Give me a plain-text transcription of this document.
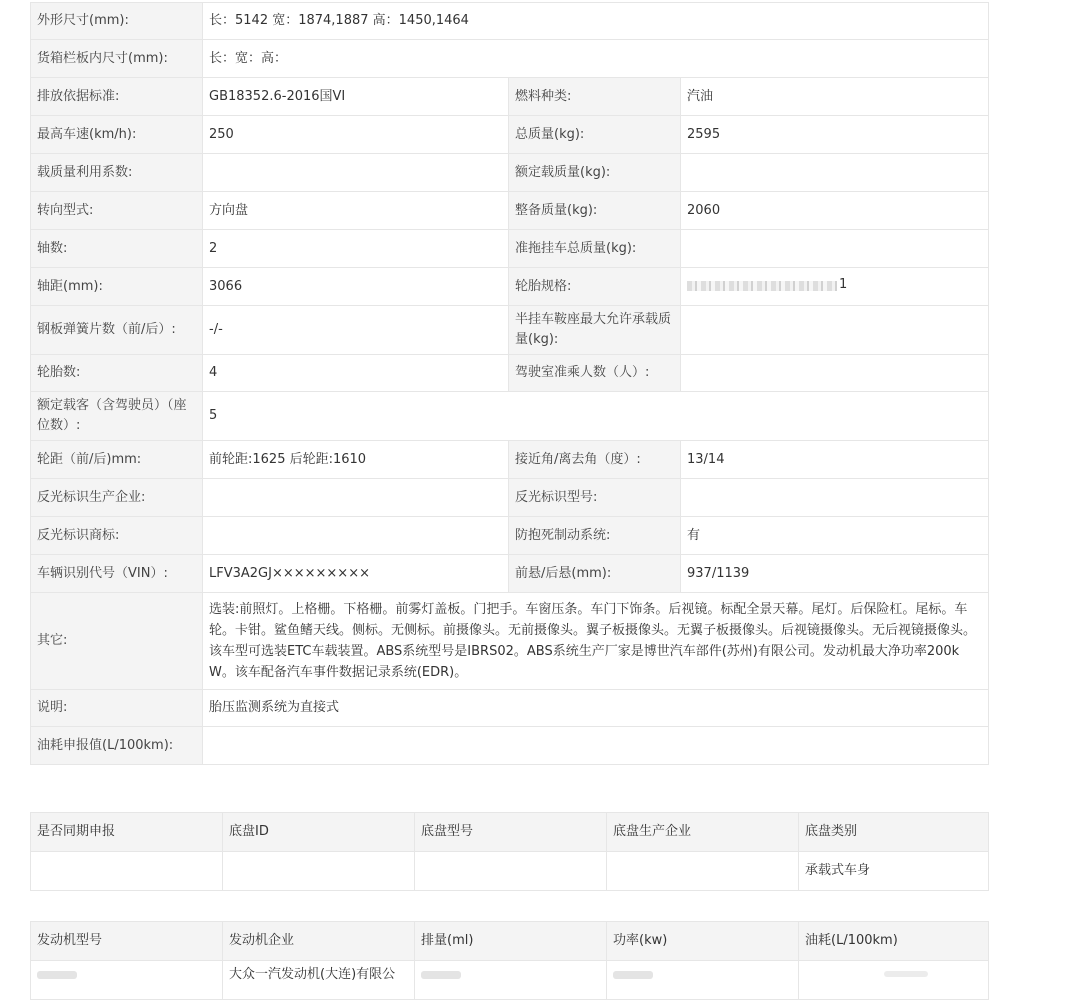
外形尺寸(mm):	长：5142 宽：1874,1887 高：1450,1464		
货箱栏板内尺寸(mm):	长：宽：高：		
排放依据标准:	GB18352.6-2016国VI	燃料种类:	汽油
最高车速(km/h):	250	总质量(kg):	2595
载质量利用系数:		额定载质量(kg):	
转向型式:	方向盘	整备质量(kg):	2060
轴数:	2	准拖挂车总质量(kg):	
轴距(mm):	3066	轮胎规格:	1

钢板弹簧片数（前/后）:	-/-	半挂车鞍座最大允许承载质量(kg):	
轮胎数:	4	驾驶室准乘人数（人）:	
额定载客（含驾驶员）（座位数）:	5		
轮距（前/后)mm:	前轮距:1625 后轮距:1610	接近角/离去角（度）:	13/14
反光标识生产企业:		反光标识型号:	
反光标识商标:		防抱死制动系统:	有
车辆识别代号（VIN）:	LFV3A2GJ×××××××××	前悬/后悬(mm):	937/1139
其它:	选装:前照灯。上格栅。下格栅。前雾灯盖板。门把手。车窗压条。车门下饰条。后视镜。标配全景天幕。尾灯。后保险杠。尾标。车轮。卡钳。鲨鱼鳍天线。侧标。无侧标。前摄像头。无前摄像头。翼子板摄像头。无翼子板摄像头。后视镜摄像头。无后视镜摄像头。该车型可选装ETC车载装置。ABS系统型号是IBRS02。ABS系统生产厂家是博世汽车部件(苏州)有限公司。发动机最大净功率200kW。该车配备汽车事件数据记录系统(EDR)。		
说明:	胎压监测系统为直接式		
油耗申报值(L/100km):			
是否同期申报	底盘ID	底盘型号	底盘生产企业	底盘类别
				承载式车身
发动机型号	发动机企业	排量(ml)	功率(kw)	油耗(L/100km)
	大众一汽发动机(大连)有限公			
